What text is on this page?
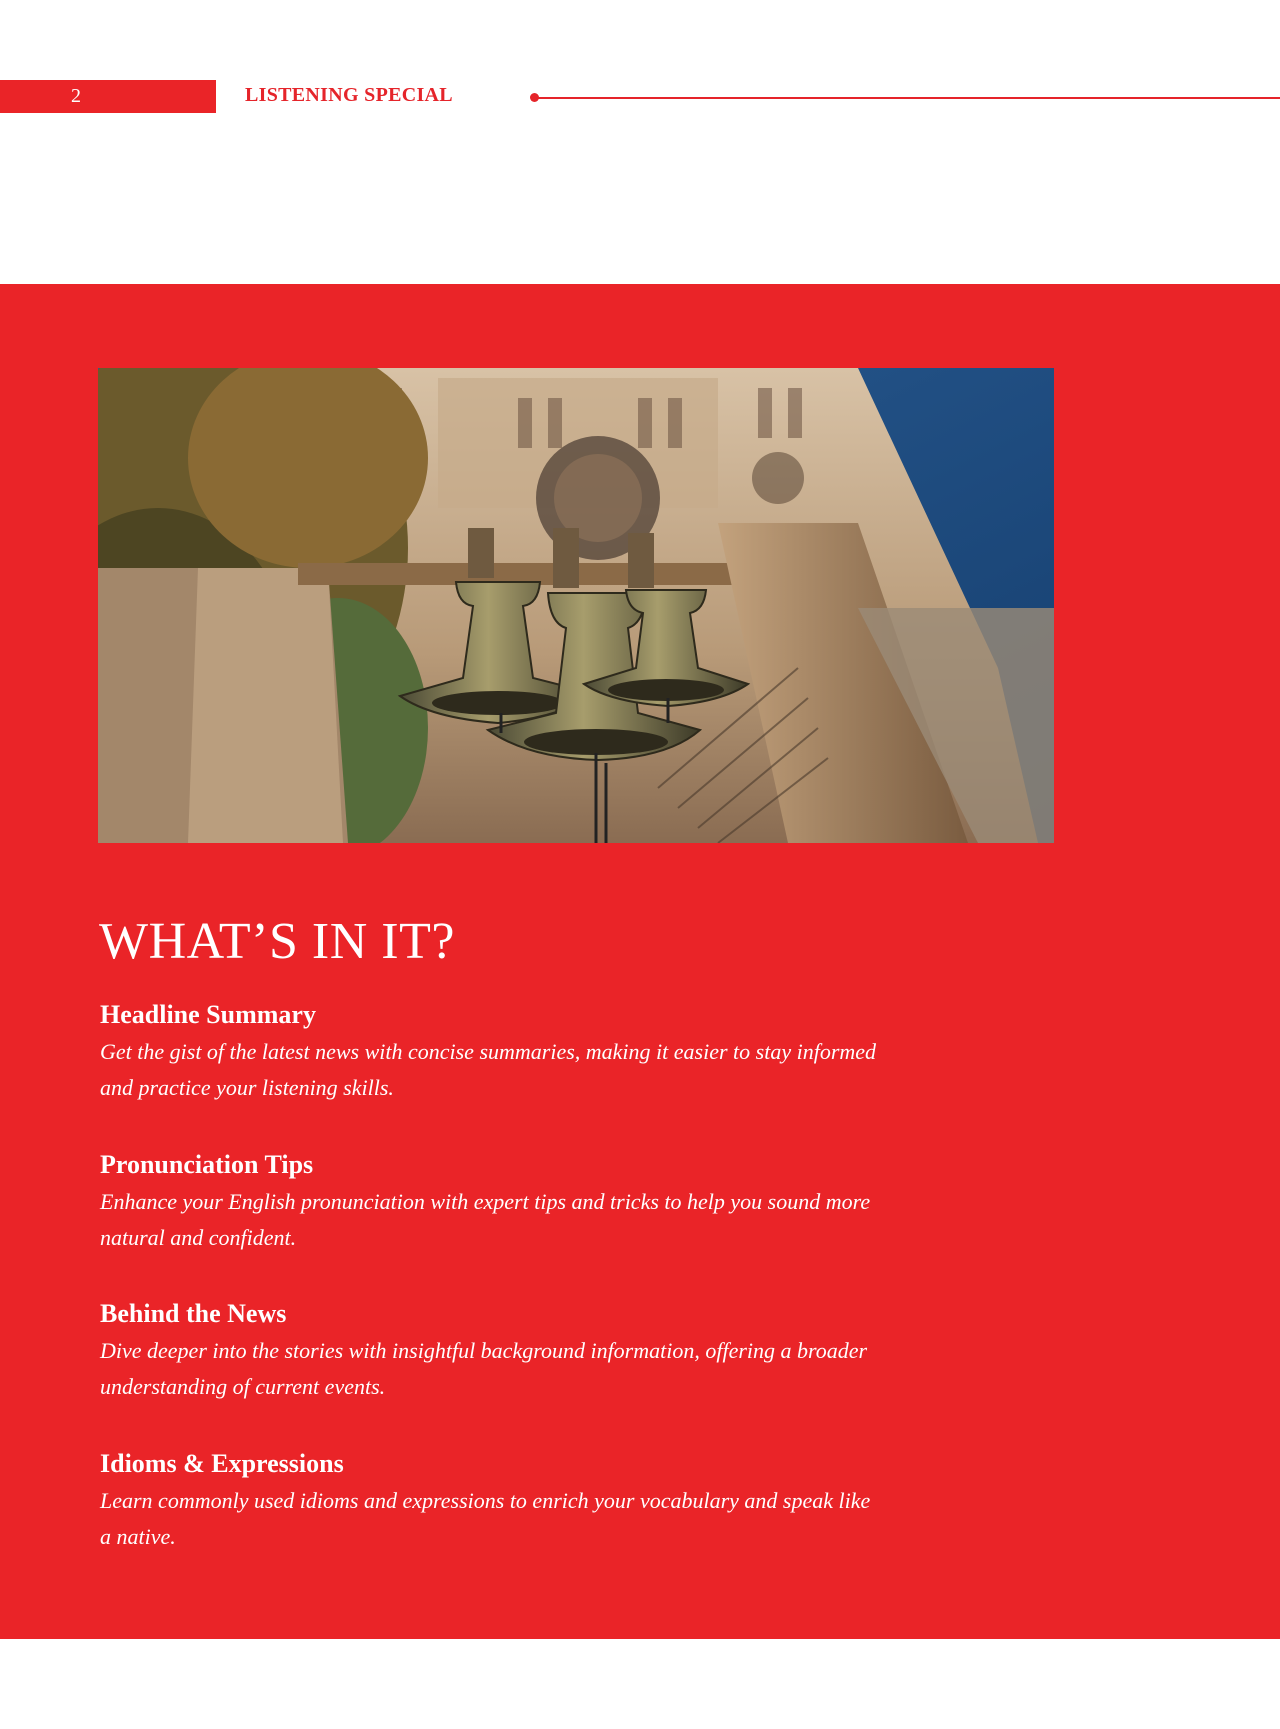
2	LISTENING SPECIAL
WHAT’S IN IT?
Headline Summary

Get the gist of the latest news with concise summaries, making it easier to stay informed and practice your listening skills.

Pronunciation Tips

Enhance your English pronunciation with expert tips and tricks to help you sound more natural and confident.

Behind the News

Dive deeper into the stories with insightful background information, offering a broader understanding of current events.

Idioms & Expressions

Learn commonly used idioms and expressions to enrich your vocabulary and speak like a native.
